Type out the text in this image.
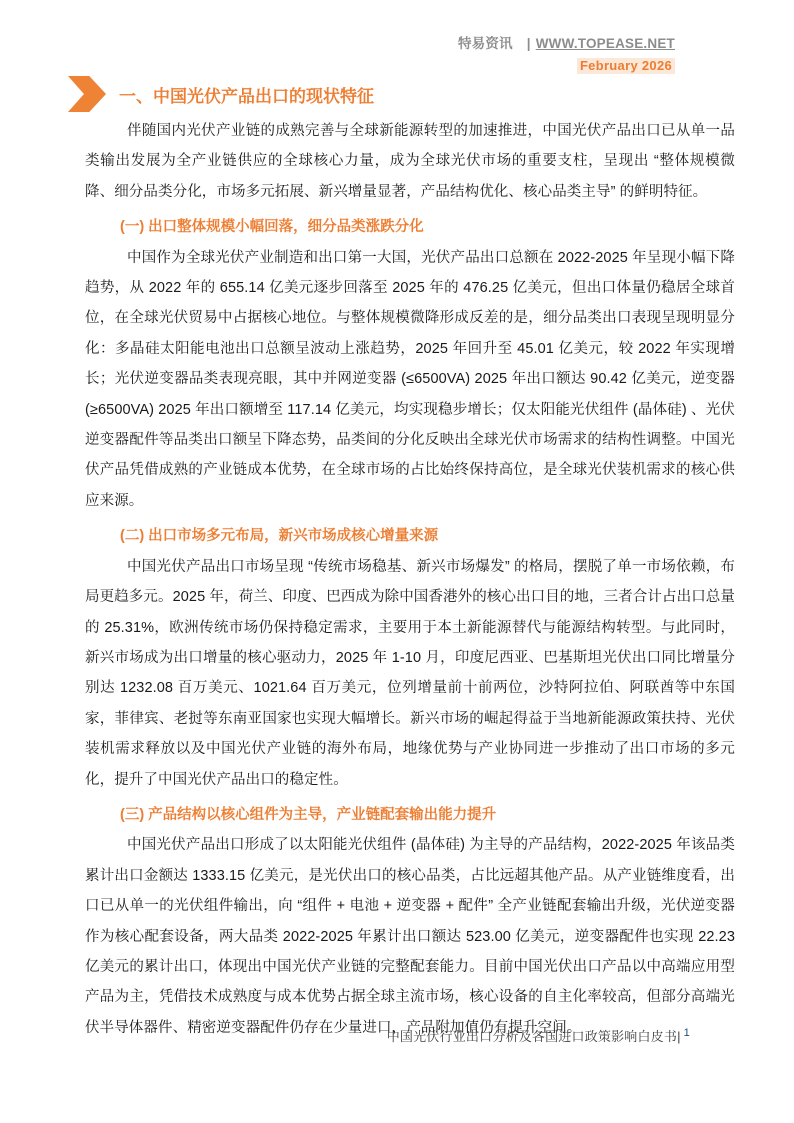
特易资讯 | WWW.TOPEASE.NET
February 2026
一、中国光伏产品出口的现状特征

伴随国内光伏产业链的成熟完善与全球新能源转型的加速推进，中国光伏产品出口已从单一品类输出发展为全产业链供应的全球核心力量，成为全球光伏市场的重要支柱，呈现出 “整体规模微降、细分品类分化，市场多元拓展、新兴增量显著，产品结构优化、核心品类主导” 的鲜明特征。

(一) 出口整体规模小幅回落，细分品类涨跌分化

中国作为全球光伏产业制造和出口第一大国，光伏产品出口总额在 2022-2025 年呈现小幅下降趋势，从 2022 年的 655.14 亿美元逐步回落至 2025 年的 476.25 亿美元，但出口体量仍稳居全球首位，在全球光伏贸易中占据核心地位。与整体规模微降形成反差的是，细分品类出口表现呈现明显分化：多晶硅太阳能电池出口总额呈波动上涨趋势，2025 年回升至 45.01 亿美元，较 2022 年实现增长；光伏逆变器品类表现亮眼，其中并网逆变器 (≤6500VA) 2025 年出口额达 90.42 亿美元，逆变器 (≥6500VA) 2025 年出口额增至 117.14 亿美元，均实现稳步增长；仅太阳能光伏组件 (晶体硅) 、光伏逆变器配件等品类出口额呈下降态势，品类间的分化反映出全球光伏市场需求的结构性调整。中国光伏产品凭借成熟的产业链成本优势，在全球市场的占比始终保持高位，是全球光伏装机需求的核心供应来源。

(二) 出口市场多元布局，新兴市场成核心增量来源

中国光伏产品出口市场呈现 “传统市场稳基、新兴市场爆发” 的格局，摆脱了单一市场依赖，布局更趋多元。2025 年，荷兰、印度、巴西成为除中国香港外的核心出口目的地，三者合计占出口总量的 25.31%，欧洲传统市场仍保持稳定需求，主要用于本土新能源替代与能源结构转型。与此同时，新兴市场成为出口增量的核心驱动力，2025 年 1-10 月，印度尼西亚、巴基斯坦光伏出口同比增量分别达 1232.08 百万美元、1021.64 百万美元，位列增量前十前两位，沙特阿拉伯、阿联酋等中东国家，菲律宾、老挝等东南亚国家也实现大幅增长。新兴市场的崛起得益于当地新能源政策扶持、光伏装机需求释放以及中国光伏产业链的海外布局，地缘优势与产业协同进一步推动了出口市场的多元化，提升了中国光伏产品出口的稳定性。

(三) 产品结构以核心组件为主导，产业链配套输出能力提升

中国光伏产品出口形成了以太阳能光伏组件 (晶体硅) 为主导的产品结构，2022-2025 年该品类累计出口金额达 1333.15 亿美元，是光伏出口的核心品类，占比远超其他产品。从产业链维度看，出口已从单一的光伏组件输出，向 “组件 + 电池 + 逆变器 + 配件” 全产业链配套输出升级，光伏逆变器作为核心配套设备，两大品类 2022-2025 年累计出口额达 523.00 亿美元，逆变器配件也实现 22.23 亿美元的累计出口，体现出中国光伏产业链的完整配套能力。目前中国光伏出口产品以中高端应用型产品为主，凭借技术成熟度与成本优势占据全球主流市场，核心设备的自主化率较高，但部分高端光伏半导体器件、精密逆变器配件仍存在少量进口，产品附加值仍有提升空间。

中国光伏行业出口分析及各国进口政策影响白皮书| $^1$
